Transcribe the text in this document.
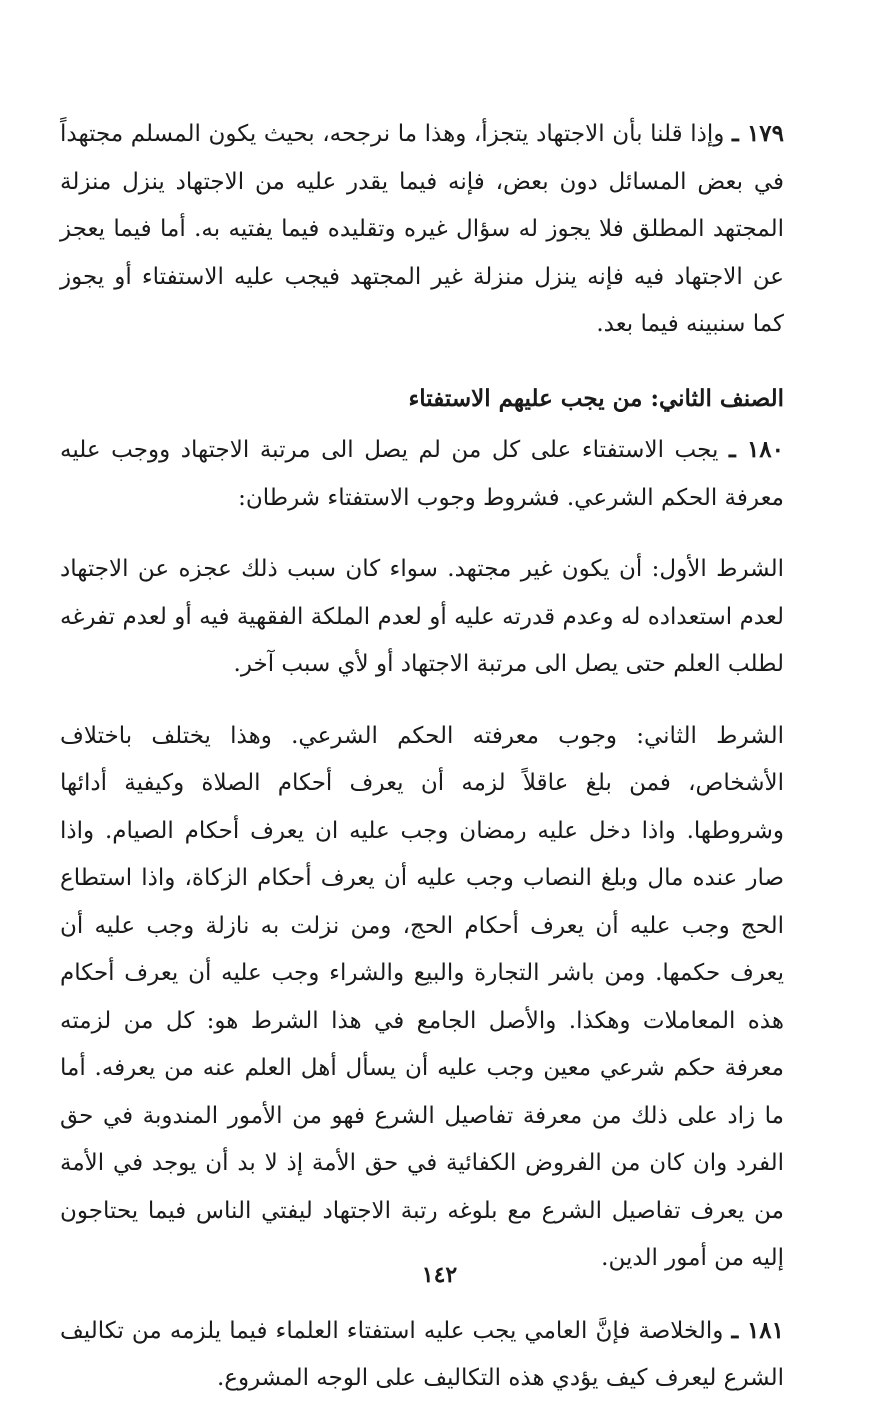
١٧٩ ـ وإذا قلنا بأن الاجتهاد يتجزأ، وهذا ما نرجحه، بحيث يكون المسلم مجتهداً في بعض المسائل دون بعض، فإنه فيما يقدر عليه من الاجتهاد ينزل منزلة المجتهد المطلق فلا يجوز له سؤال غيره وتقليده فيما يفتيه به. أما فيما يعجز عن الاجتهاد فيه فإنه ينزل منزلة غير المجتهد فيجب عليه الاستفتاء أو يجوز كما سنبينه فيما بعد.

الصنف الثاني: من يجب عليهم الاستفتاء

١٨٠ ـ يجب الاستفتاء على كل من لم يصل الى مرتبة الاجتهاد ووجب عليه معرفة الحكم الشرعي. فشروط وجوب الاستفتاء شرطان:

الشرط الأول: أن يكون غير مجتهد. سواء كان سبب ذلك عجزه عن الاجتهاد لعدم استعداده له وعدم قدرته عليه أو لعدم الملكة الفقهية فيه أو لعدم تفرغه لطلب العلم حتى يصل الى مرتبة الاجتهاد أو لأي سبب آخر.

الشرط الثاني: وجوب معرفته الحكم الشرعي. وهذا يختلف باختلاف الأشخاص، فمن بلغ عاقلاً لزمه أن يعرف أحكام الصلاة وكيفية أدائها وشروطها. واذا دخل عليه رمضان وجب عليه ان يعرف أحكام الصيام. واذا صار عنده مال وبلغ النصاب وجب عليه أن يعرف أحكام الزكاة، واذا استطاع الحج وجب عليه أن يعرف أحكام الحج، ومن نزلت به نازلة وجب عليه أن يعرف حكمها. ومن باشر التجارة والبيع والشراء وجب عليه أن يعرف أحكام هذه المعاملات وهكذا. والأصل الجامع في هذا الشرط هو: كل من لزمته معرفة حكم شرعي معين وجب عليه أن يسأل أهل العلم عنه من يعرفه. أما ما زاد على ذلك من معرفة تفاصيل الشرع فهو من الأمور المندوبة في حق الفرد وان كان من الفروض الكفائية في حق الأمة إذ لا بد أن يوجد في الأمة من يعرف تفاصيل الشرع مع بلوغه رتبة الاجتهاد ليفتي الناس فيما يحتاجون إليه من أمور الدين.

١٨١ ـ والخلاصة فإنَّ العامي يجب عليه استفتاء العلماء فيما يلزمه من تكاليف الشرع ليعرف كيف يؤدي هذه التكاليف على الوجه المشروع.

١٤٢
